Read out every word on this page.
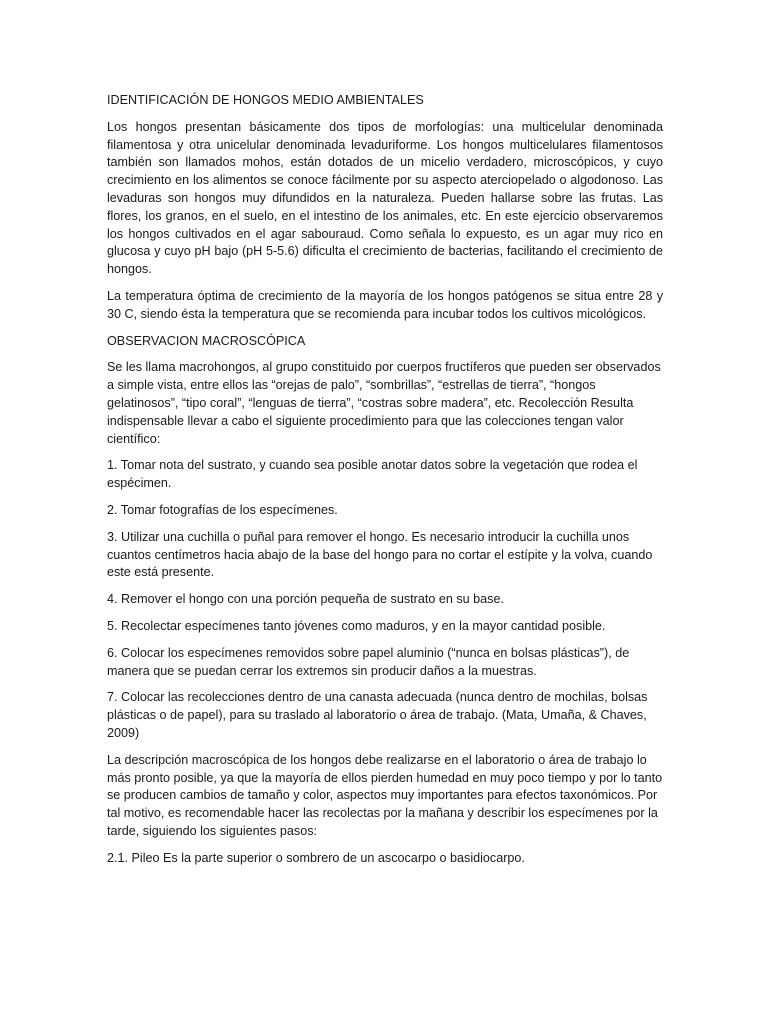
IDENTIFICACIÓN DE HONGOS MEDIO AMBIENTALES

Los hongos presentan básicamente dos tipos de morfologías: una multicelular denominada filamentosa y otra unicelular denominada levaduriforme. Los hongos multicelulares filamentosos también son llamados mohos, están dotados de un micelio verdadero, microscópicos, y cuyo crecimiento en los alimentos se conoce fácilmente por su aspecto aterciopelado o algodonoso. Las levaduras son hongos muy difundidos en la naturaleza. Pueden hallarse sobre las frutas. Las flores, los granos, en el suelo, en el intestino de los animales, etc. En este ejercicio observaremos los hongos cultivados en el agar sabouraud. Como señala lo expuesto, es un agar muy rico en glucosa y cuyo pH bajo (pH 5-5.6) dificulta el crecimiento de bacterias, facilitando el crecimiento de hongos.

La temperatura óptima de crecimiento de la mayoría de los hongos patógenos se situa entre 28 y 30 C, siendo ésta la temperatura que se recomienda para incubar todos los cultivos micológicos.

OBSERVACION MACROSCÓPICA

Se les llama macrohongos, al grupo constituido por cuerpos fructíferos que pueden ser observados a simple vista, entre ellos las “orejas de palo”, “sombrillas”, “estrellas de tierra”, “hongos gelatinosos”, “tipo coral”, “lenguas de tierra”, “costras sobre madera”, etc. Recolección Resulta indispensable llevar a cabo el siguiente procedimiento para que las colecciones tengan valor científico:

1. Tomar nota del sustrato, y cuando sea posible anotar datos sobre la vegetación que rodea el espécimen.

2. Tomar fotografías de los especímenes.

3. Utilizar una cuchilla o puñal para remover el hongo. Es necesario introducir la cuchilla unos cuantos centímetros hacia abajo de la base del hongo para no cortar el estípite y la volva, cuando este está presente.

4. Remover el hongo con una porción pequeña de sustrato en su base.

5. Recolectar especímenes tanto jóvenes como maduros, y en la mayor cantidad posible.

6. Colocar los especímenes removidos sobre papel aluminio (“nunca en bolsas plásticas”), de manera que se puedan cerrar los extremos sin producir daños a la muestras.

7. Colocar las recolecciones dentro de una canasta adecuada (nunca dentro de mochilas, bolsas plásticas o de papel), para su traslado al laboratorio o área de trabajo. (Mata, Umaña, & Chaves, 2009)

La descripción macroscópica de los hongos debe realizarse en el laboratorio o área de trabajo lo más pronto posible, ya que la mayoría de ellos pierden humedad en muy poco tiempo y por lo tanto se producen cambios de tamaño y color, aspectos muy importantes para efectos taxonómicos. Por tal motivo, es recomendable hacer las recolectas por la mañana y describir los especímenes por la tarde, siguiendo los siguientes pasos:

2.1. Pileo Es la parte superior o sombrero de un ascocarpo o basidiocarpo.
